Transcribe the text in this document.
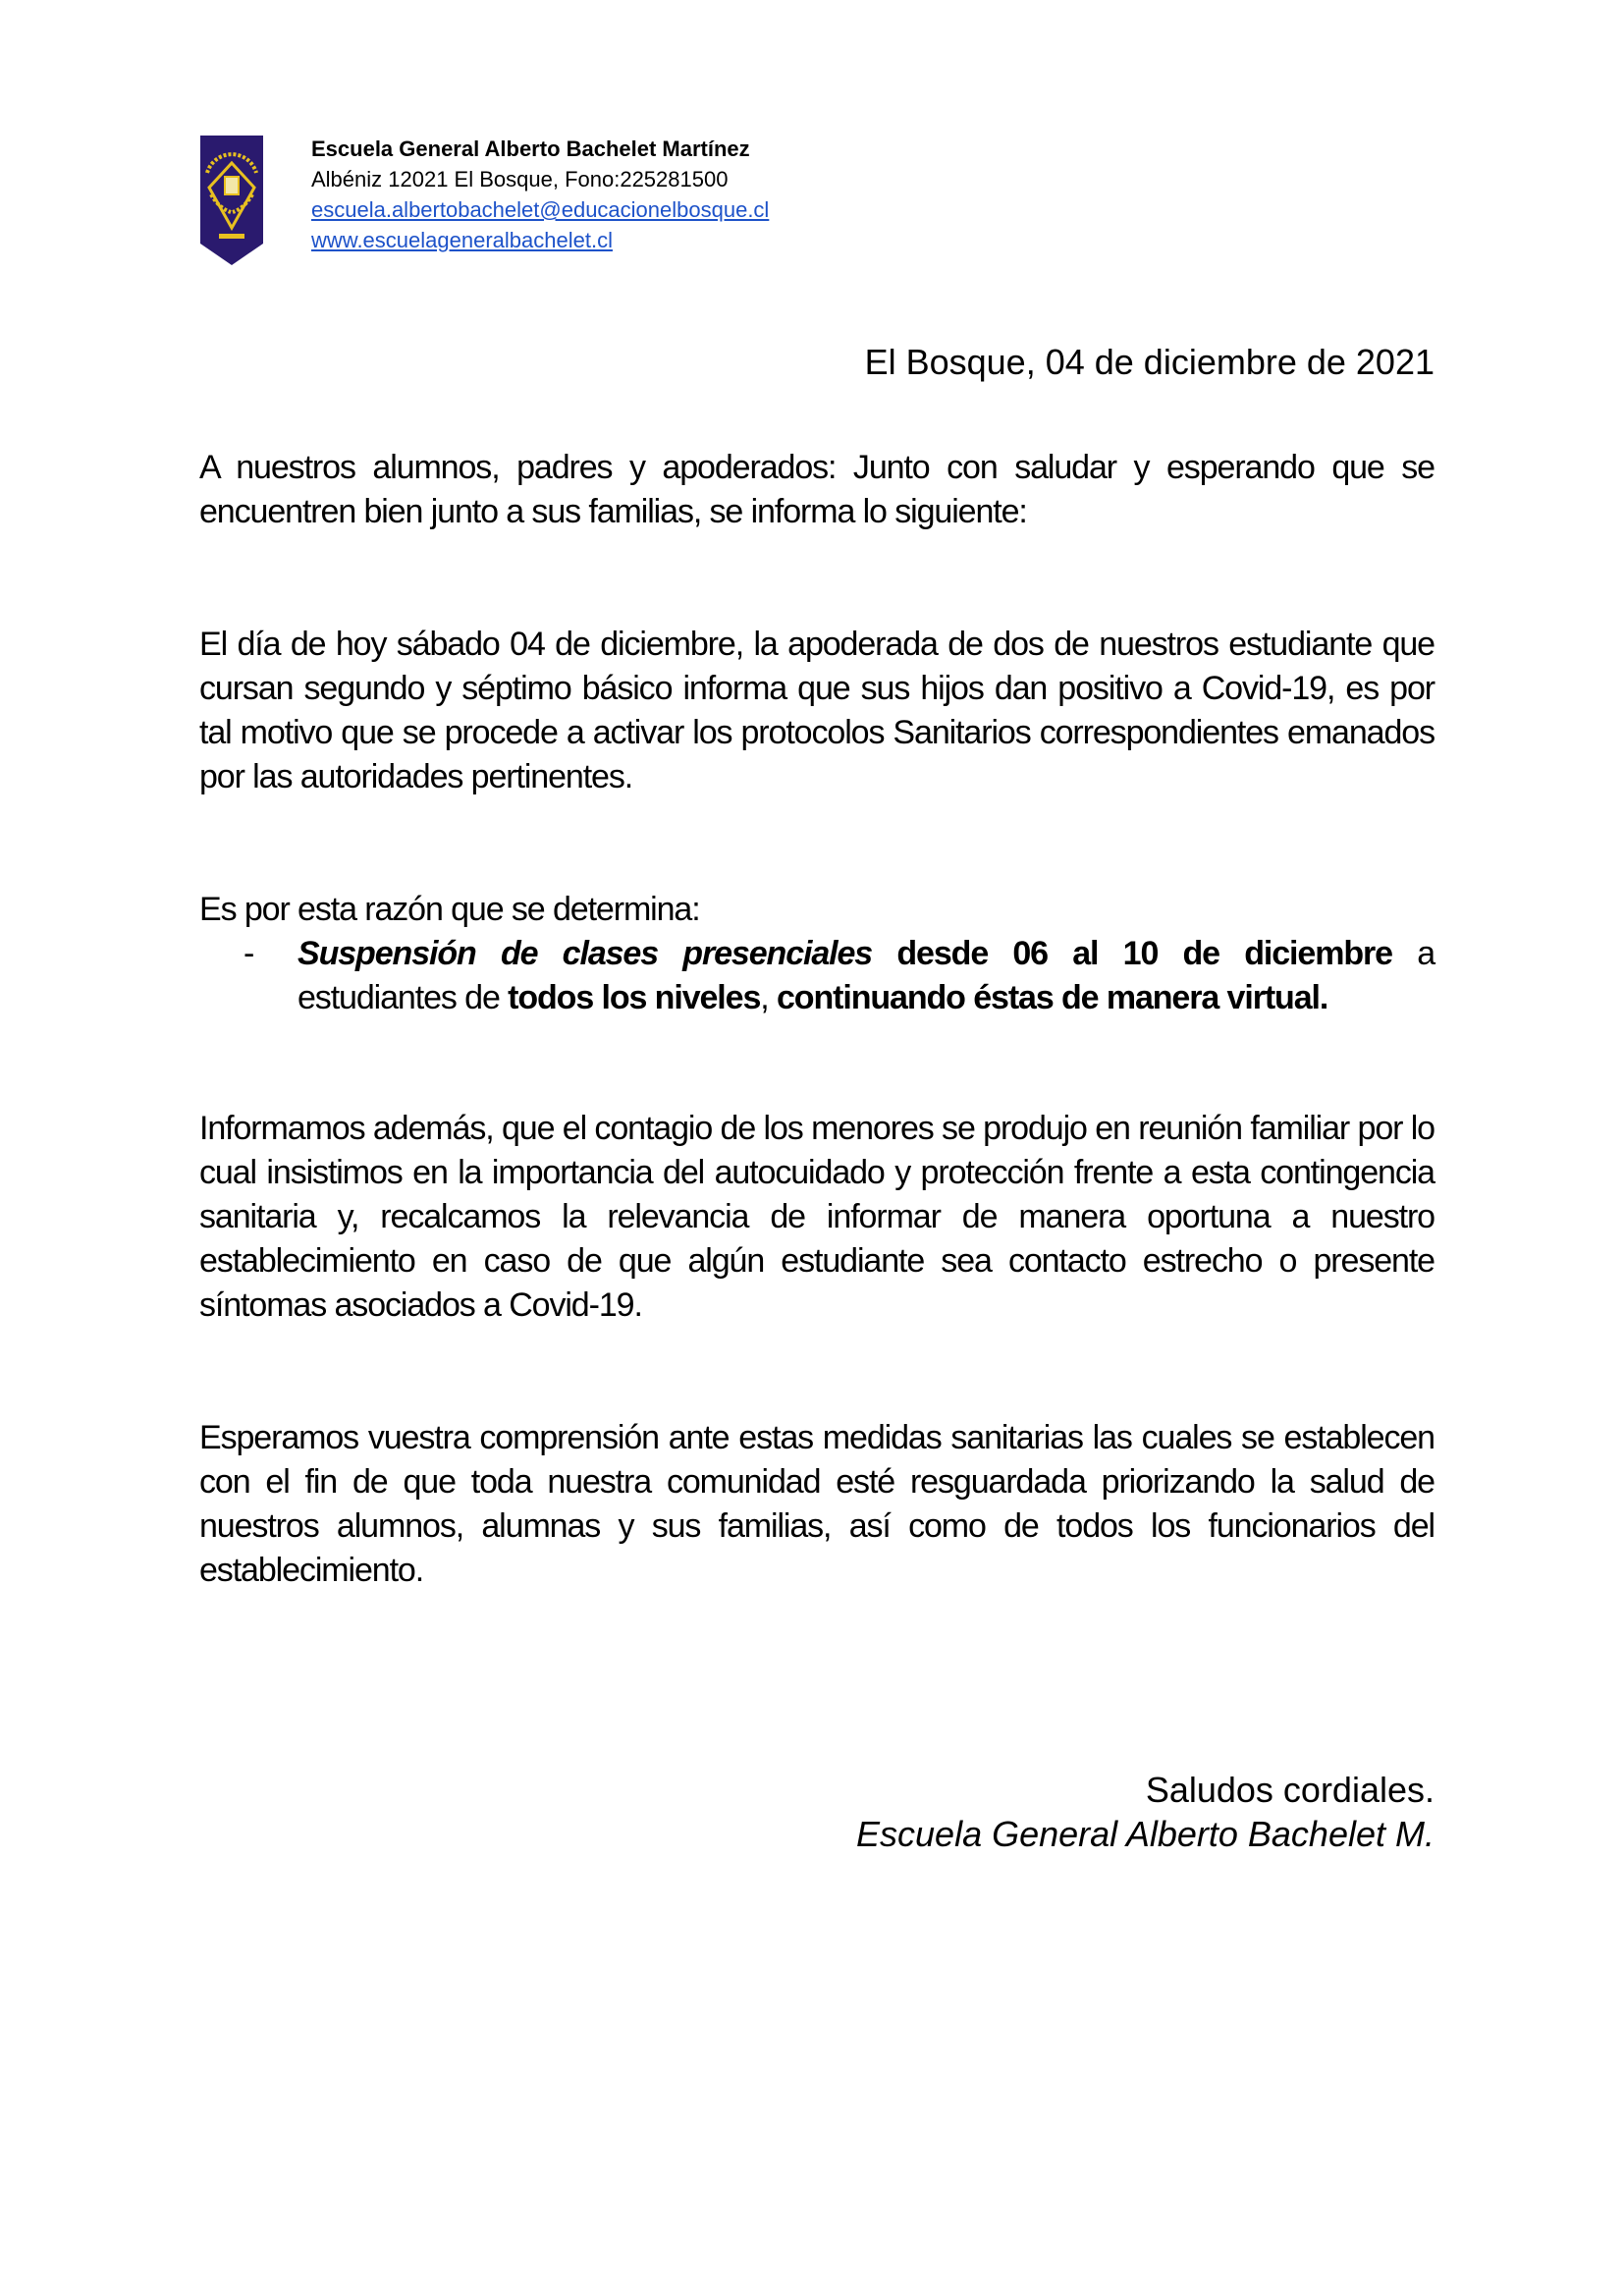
Escuela General Alberto Bachelet Martínez
Albéniz 12021 El Bosque, Fono:225281500
escuela.albertobachelet@educacionelbosque.cl
www.escuelageneralbachelet.cl
El Bosque, 04 de diciembre de 2021

A nuestros alumnos, padres y apoderados: Junto con saludar y esperando que se encuentren bien junto a sus familias, se informa lo siguiente:

El día de hoy sábado 04 de diciembre, la apoderada de dos de nuestros estudiante que cursan segundo y séptimo básico informa que sus hijos dan positivo a Covid-19, es por tal motivo que se procede a activar los protocolos Sanitarios correspondientes emanados por las autoridades pertinentes.

Es por esta razón que se determina:

- Suspensión de clases presenciales desde 06 al 10 de diciembre a estudiantes de todos los niveles, continuando éstas de manera virtual.

Informamos además, que el contagio de los menores se produjo en reunión familiar por lo cual insistimos en la importancia del autocuidado y protección frente a esta contingencia sanitaria y, recalcamos la relevancia de informar de manera oportuna a nuestro establecimiento en caso de que algún estudiante sea contacto estrecho o presente síntomas asociados a Covid-19.

Esperamos vuestra comprensión ante estas medidas sanitarias las cuales se establecen con el fin de que toda nuestra comunidad esté resguardada priorizando la salud de nuestros alumnos, alumnas y sus familias, así como de todos los funcionarios del establecimiento.

Saludos cordiales.
Escuela General Alberto Bachelet M.
